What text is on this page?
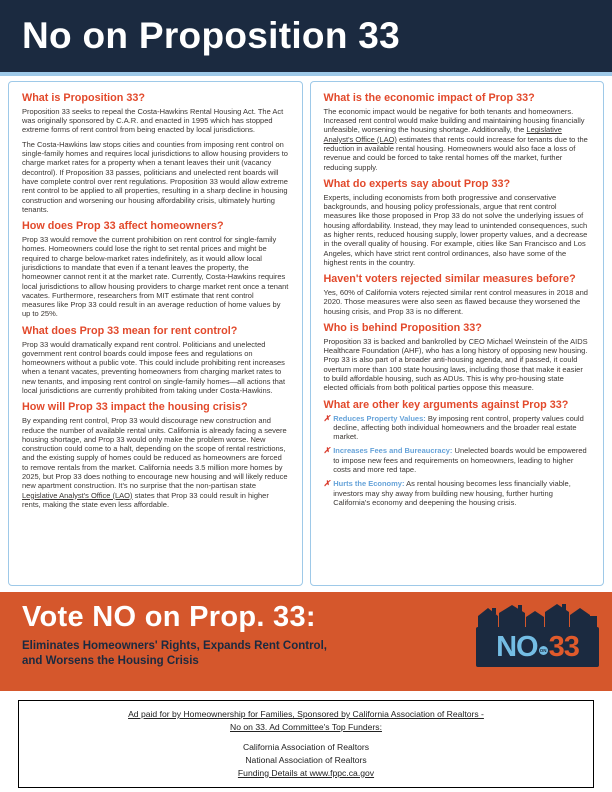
No on Proposition 33
What is Proposition 33?

Proposition 33 seeks to repeal the Costa-Hawkins Rental Housing Act. The Act was originally sponsored by C.A.R. and enacted in 1995 which has stopped extreme forms of rent control from being enacted by local jurisdictions.

The Costa-Hawkins law stops cities and counties from imposing rent control on single-family homes and requires local jurisdictions to allow housing providers to charge market rates for a property when a tenant leaves their unit (vacancy decontrol). If Proposition 33 passes, politicians and unelected rent boards will have complete control over rent regulations. Proposition 33 would allow extreme rent control to be applied to all properties, resulting in a sharp decline in housing construction and worsening our housing affordability crisis, ultimately hurting tenants.

How does Prop 33 affect homeowners?

Prop 33 would remove the current prohibition on rent control for single-family homes. Homeowners could lose the right to set rental prices and might be required to charge below-market rates indefinitely, as it would allow local jurisdictions to mandate that even if a tenant leaves the property, the homeowner cannot rent it at the market rate. Currently, Costa-Hawkins requires local jurisdictions to allow housing providers to charge market rent once a tenant vacates. Furthermore, researchers from MIT estimate that rent control measures like Prop 33 could result in an average reduction of home values by up to 25%.

What does Prop 33 mean for rent control?

Prop 33 would dramatically expand rent control. Politicians and unelected government rent control boards could impose fees and regulations on homeowners without a public vote. This could include prohibiting rent increases when a tenant vacates, preventing homeowners from charging market rates to new tenants, and imposing rent control on single-family homes—all actions that local jurisdictions are currently prohibited from taking under Costa-Hawkins.

How will Prop 33 impact the housing crisis?

By expanding rent control, Prop 33 would discourage new construction and reduce the number of available rental units. California is already facing a severe housing shortage, and Prop 33 would only make the problem worse. New construction could come to a halt, depending on the scope of rental restrictions, and the existing supply of homes could be reduced as homeowners are forced to remove rentals from the market. California needs 3.5 million more homes by 2025, but Prop 33 does nothing to encourage new housing and will likely reduce new apartment construction. It's no surprise that the non-partisan state Legislative Analyst's Office (LAO) states that Prop 33 could result in higher rents, making the state even less affordable.

What is the economic impact of Prop 33?

The economic impact would be negative for both tenants and homeowners. Increased rent control would make building and maintaining housing financially unfeasible, worsening the housing shortage. Additionally, the Legislative Analyst's Office (LAO) estimates that rents could increase for tenants due to the reduction in available rental housing. Homeowners would also face a loss of revenue and could be forced to take rental homes off the market, further reducing supply.

What do experts say about Prop 33?

Experts, including economists from both progressive and conservative backgrounds, and housing policy professionals, argue that rent control measures like those proposed in Prop 33 do not solve the underlying issues of housing affordability. Instead, they may lead to unintended consequences, such as higher rents, reduced housing supply, lower property values, and a decrease in the overall quality of housing. For example, cities like San Francisco and Los Angeles, which have strict rent control ordinances, also have some of the highest rents in the country.

Haven't voters rejected similar measures before?

Yes, 60% of California voters rejected similar rent control measures in 2018 and 2020. Those measures were also seen as flawed because they worsened the housing crisis, and Prop 33 is no different.

Who is behind Proposition 33?

Proposition 33 is backed and bankrolled by CEO Michael Weinstein of the AIDS Healthcare Foundation (AHF), who has a long history of opposing new housing. Prop 33 is also part of a broader anti-housing agenda, and if passed, it could overturn more than 100 state housing laws, including those that make it easier to build affordable housing, such as ADUs. This is why pro-housing state elected officials from both political parties oppose this measure.

What are other key arguments against Prop 33?
✗ Reduces Property Values: By imposing rent control, property values could decline, affecting both individual homeowners and the broader real estate market.
✗ Increases Fees and Bureaucracy: Unelected boards would be empowered to impose new fees and requirements on homeowners, leading to higher costs and more red tape.
✗ Hurts the Economy: As rental housing becomes less financially viable, investors may shy away from building new housing, further hurting California's economy and deepening the housing crisis.
Vote NO on Prop. 33:
Eliminates Homeowners' Rights, Expands Rent Control,
and Worsens the Housing Crisis	NO ON 33
Ad paid for by Homeownership for Families, Sponsored by California Association of Realtors -
No on 33. Ad Committee's Top Funders:
California Association of Realtors
National Association of Realtors
Funding Details at www.fppc.ca.gov
